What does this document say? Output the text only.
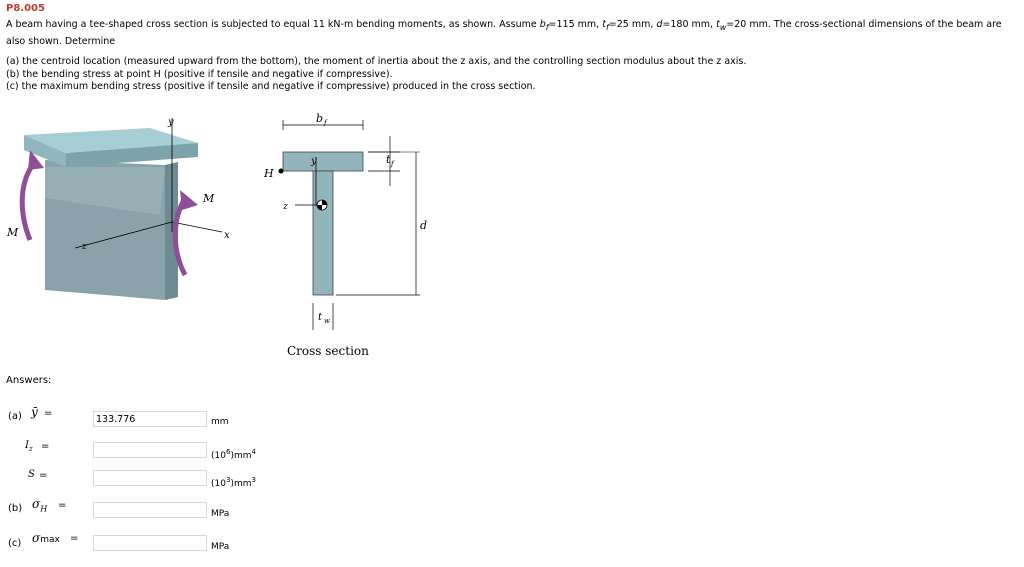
P8.005
A beam having a tee-shaped cross section is subjected to equal 11 kN-m bending moments, as shown. Assume $b_f=115$ mm, $t_f=25$ mm, d=180 mm, $t_w=20$ mm. The cross-sectional dimensions of the beam are also shown. Determine
(a) the centroid location (measured upward from the bottom), the moment of inertia about the z axis, and the controlling section modulus about the z axis.
(b) the bending stress at point H (positive if tensile and negative if compressive).
(c) the maximum bending stress (positive if tensile and negative if compressive) produced in the cross section.
y
M
M
x
z
b f
t f
y
H
z
d
t w
Cross section
Answers:
(a) ȳ =
133.776	mm
$I_z$ =
$(10^6)mm^4$
S =
$(10^3)mm^3$
(b) $\sigma_H$ =
MPa
(c) σmax =
MPa
